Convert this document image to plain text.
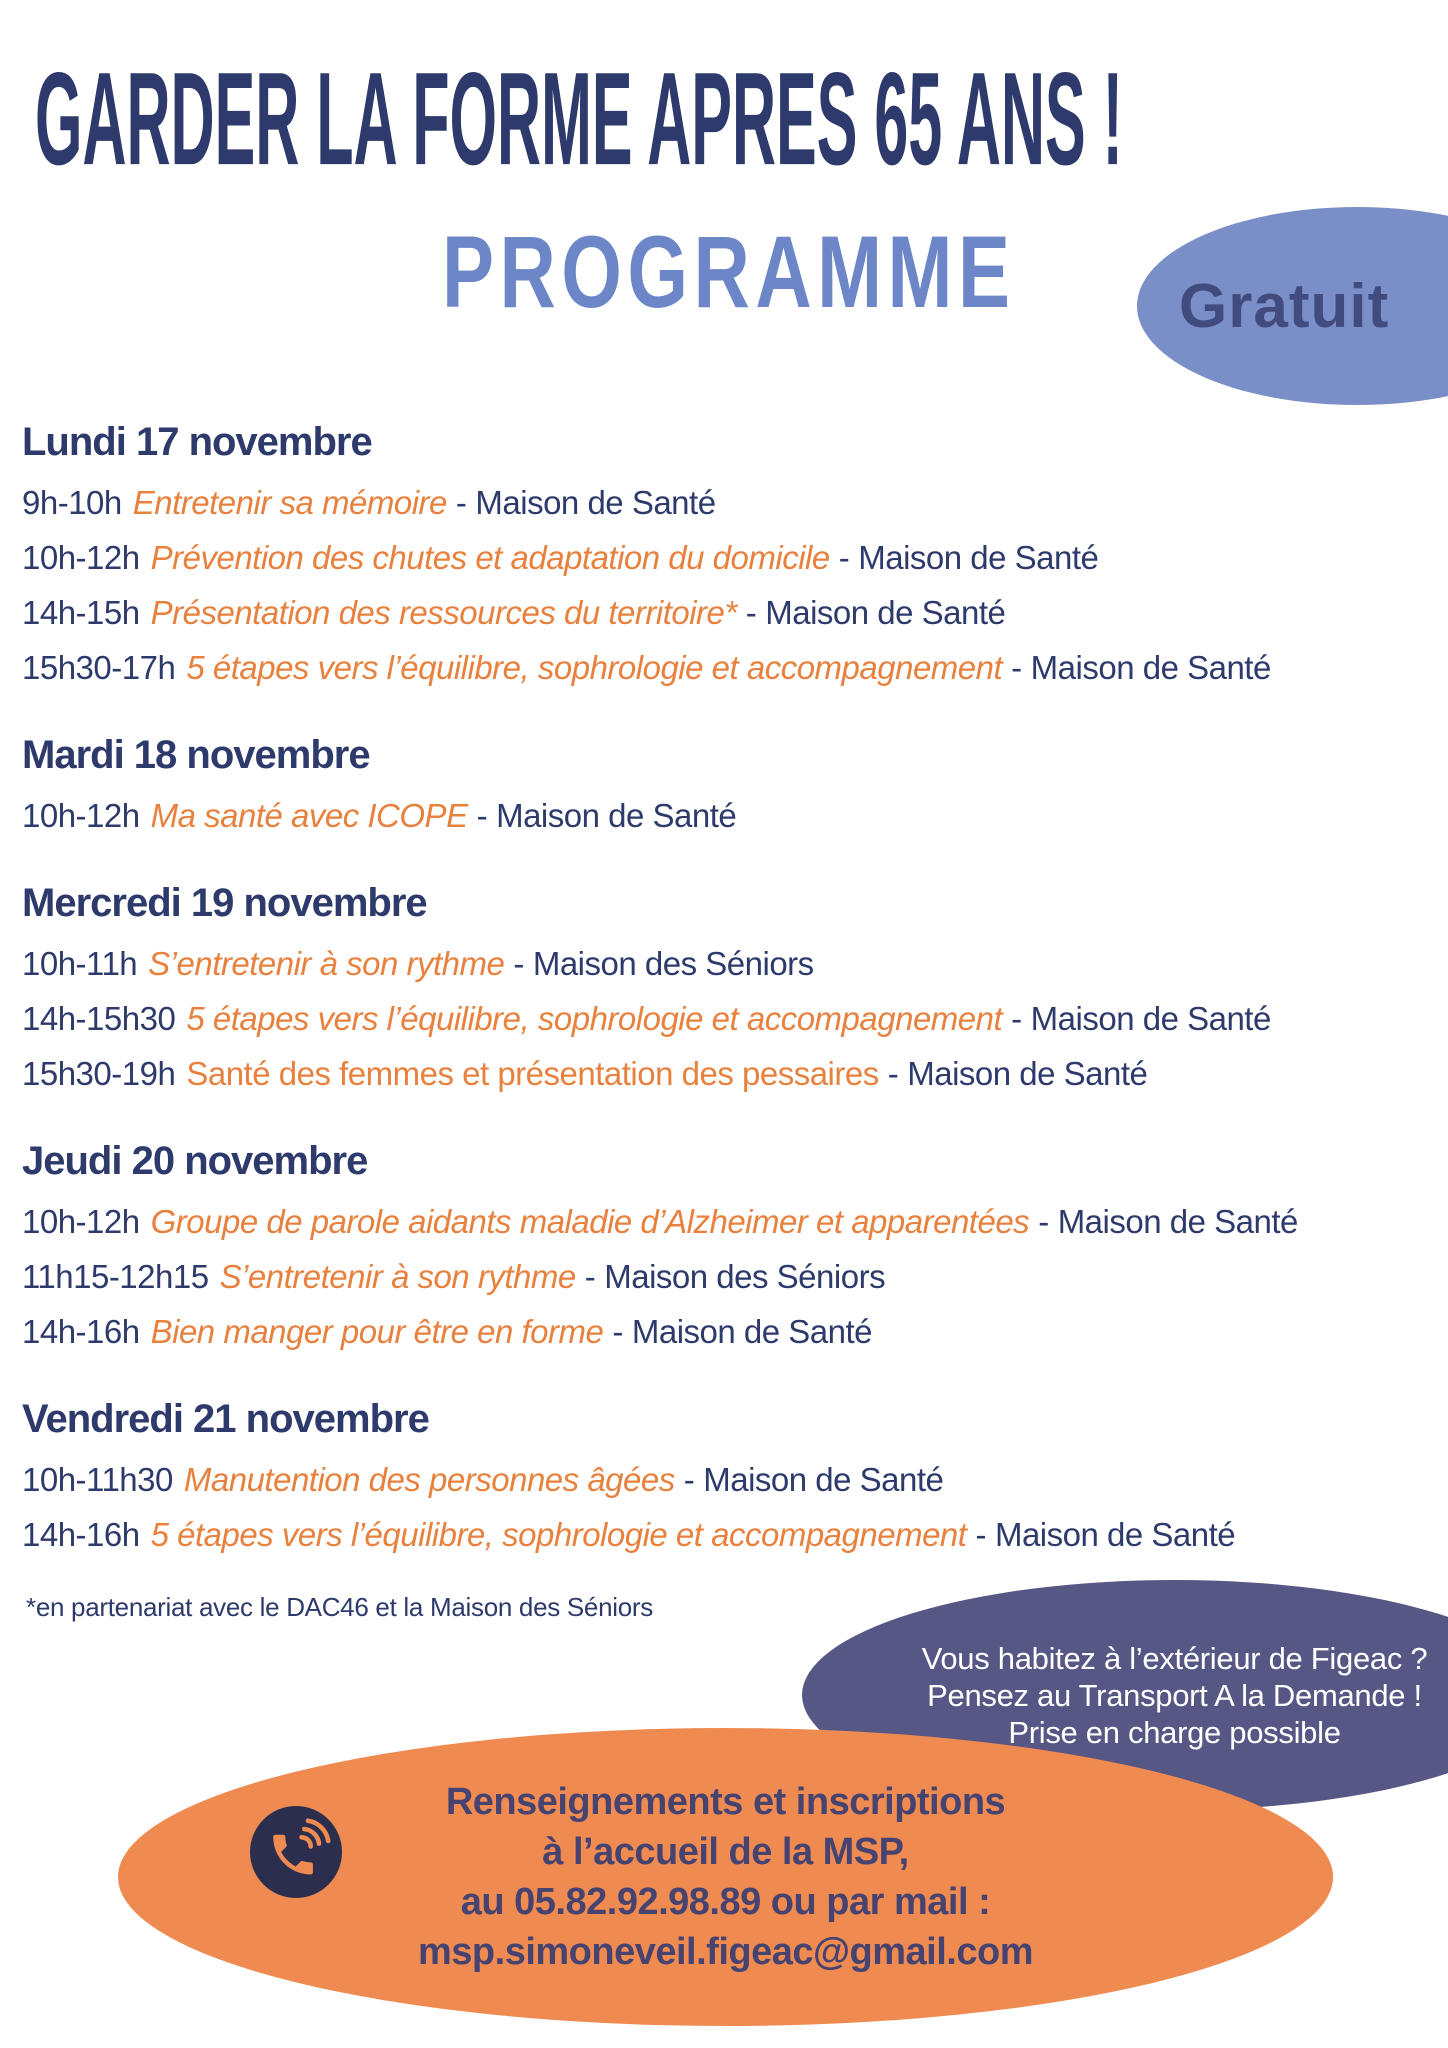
GARDER LA FORME APRES 65 ANS !
PROGRAMME	Gratuit
Lundi 17 novembre

9h-10h Entretenir sa mémoire - Maison de Santé

10h-12h Prévention des chutes et adaptation du domicile - Maison de Santé

14h-15h Présentation des ressources du territoire* - Maison de Santé

15h30-17h 5 étapes vers l’équilibre, sophrologie et accompagnement - Maison de Santé

Mardi 18 novembre

10h-12h Ma santé avec ICOPE - Maison de Santé

Mercredi 19 novembre

10h-11h S’entretenir à son rythme - Maison des Séniors

14h-15h30 5 étapes vers l’équilibre, sophrologie et accompagnement - Maison de Santé

15h30-19h Santé des femmes et présentation des pessaires - Maison de Santé

Jeudi 20 novembre

10h-12h Groupe de parole aidants maladie d’Alzheimer et apparentées - Maison de Santé

11h15-12h15 S’entretenir à son rythme - Maison des Séniors

14h-16h Bien manger pour être en forme - Maison de Santé

Vendredi 21 novembre

10h-11h30 Manutention des personnes âgées - Maison de Santé

14h-16h 5 étapes vers l’équilibre, sophrologie et accompagnement - Maison de Santé

*en partenariat avec le DAC46 et la Maison des Séniors
Vous habitez à l’extérieur de Figeac ?
Pensez au Transport A la Demande !
Prise en charge possible
Renseignements et inscriptions
à l’accueil de la MSP,
au 05.82.92.98.89 ou par mail :
msp.simoneveil.figeac@gmail.com
